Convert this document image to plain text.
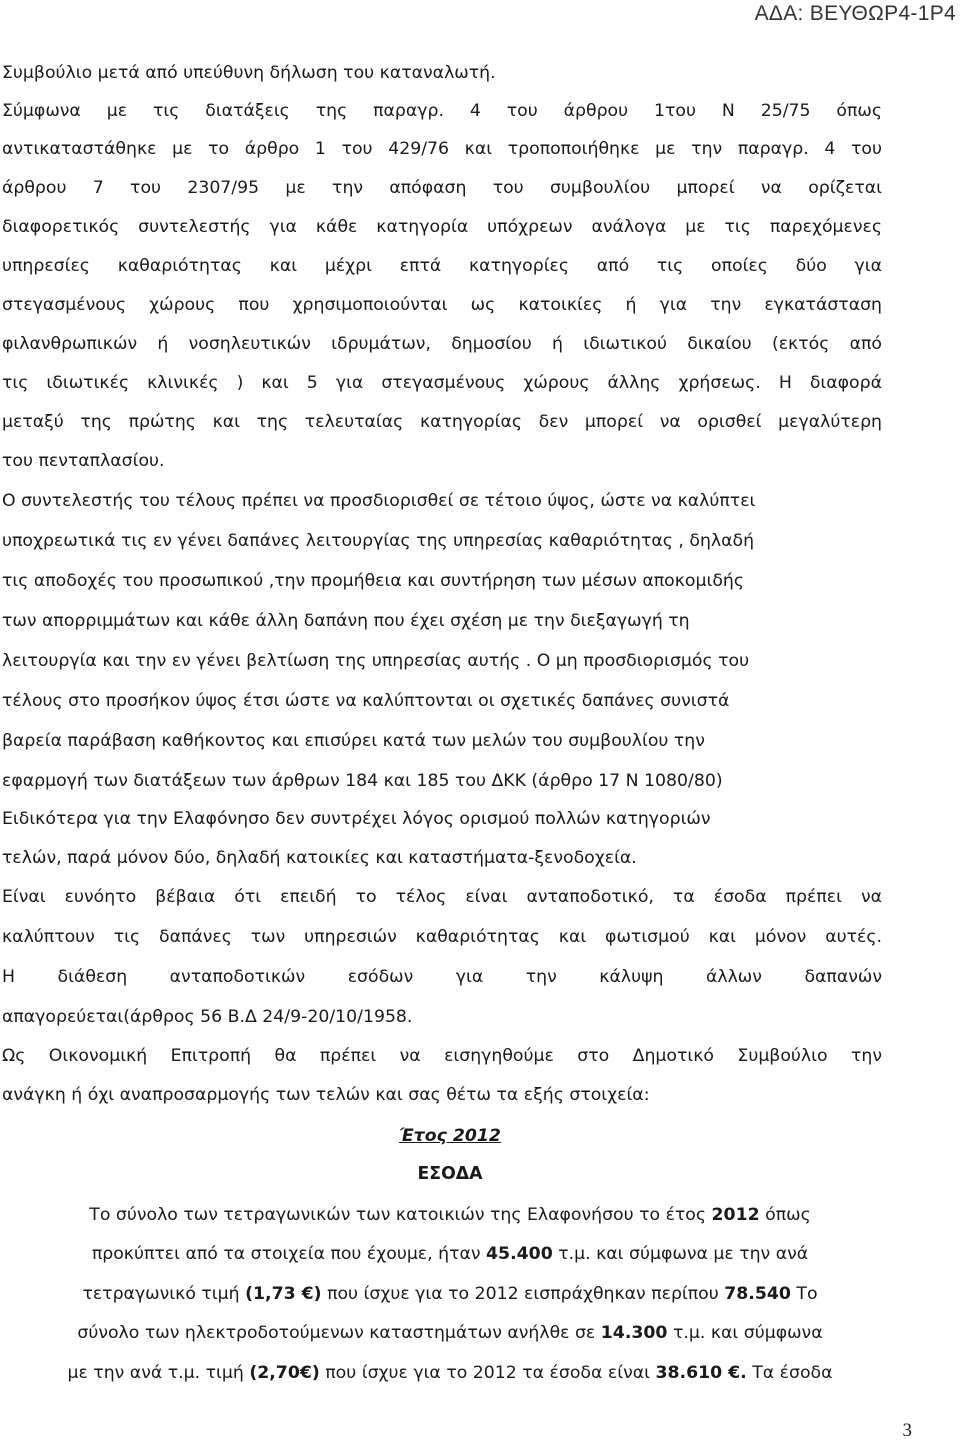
ΑΔΑ: ΒΕΥΘΩΡ4-1Ρ4
Συμβούλιο μετά από υπεύθυνη δήλωση του καταναλωτή.
Σύμφωνα με τις διατάξεις της παραγρ. 4 του άρθρου 1του Ν 25/75 όπως
αντικαταστάθηκε με το άρθρο 1 του 429/76 και τροποποιήθηκε με την παραγρ. 4 του
άρθρου 7 του 2307/95 με την απόφαση του συμβουλίου μπορεί να ορίζεται
διαφορετικός συντελεστής για κάθε κατηγορία υπόχρεων ανάλογα με τις παρεχόμενες
υπηρεσίες καθαριότητας και μέχρι επτά κατηγορίες από τις οποίες δύο για
στεγασμένους χώρους που χρησιμοποιούνται ως κατοικίες ή για την εγκατάσταση
φιλανθρωπικών ή νοσηλευτικών ιδρυμάτων, δημοσίου ή ιδιωτικού δικαίου (εκτός από
τις ιδιωτικές κλινικές ) και 5 για στεγασμένους χώρους άλλης χρήσεως. Η διαφορά
μεταξύ της πρώτης και της τελευταίας κατηγορίας δεν μπορεί να ορισθεί μεγαλύτερη
του πενταπλασίου.
Ο συντελεστής του τέλους πρέπει να προσδιορισθεί σε τέτοιο ύψος, ώστε να καλύπτει
υποχρεωτικά τις εν γένει δαπάνες λειτουργίας της υπηρεσίας καθαριότητας , δηλαδή
τις αποδοχές του προσωπικού ,την προμήθεια και συντήρηση των μέσων αποκομιδής
των απορριμμάτων και κάθε άλλη δαπάνη που έχει σχέση με την διεξαγωγή τη
λειτουργία και την εν γένει βελτίωση της υπηρεσίας αυτής . Ο μη προσδιορισμός του
τέλους στο προσήκον ύψος έτσι ώστε να καλύπτονται οι σχετικές δαπάνες συνιστά
βαρεία παράβαση καθήκοντος και επισύρει κατά των μελών του συμβουλίου την
εφαρμογή των διατάξεων των άρθρων 184 και 185 του ΔΚΚ (άρθρο 17 Ν 1080/80)
Ειδικότερα για την Ελαφόνησο δεν συντρέχει λόγος ορισμού πολλών κατηγοριών
τελών, παρά μόνον δύο, δηλαδή κατοικίες και καταστήματα-ξενοδοχεία.
Είναι ευνόητο βέβαια ότι επειδή το τέλος είναι ανταποδοτικό, τα έσοδα πρέπει να
καλύπτουν τις δαπάνες των υπηρεσιών καθαριότητας και φωτισμού και μόνον αυτές.
Η διάθεση ανταποδοτικών εσόδων για την κάλυψη άλλων δαπανών
απαγορεύεται(άρθρος 56 Β.Δ 24/9-20/10/1958.
Ως Οικονομική Επιτροπή θα πρέπει να εισηγηθούμε στο Δημοτικό Συμβούλιο την
ανάγκη ή όχι αναπροσαρμογής των τελών και σας θέτω τα εξής στοιχεία:
Έτος 2012
ΕΣΟΔΑ
Το σύνολο των τετραγωνικών των κατοικιών της Ελαφονήσου το έτος 2012 όπως
προκύπτει από τα στοιχεία που έχουμε, ήταν 45.400 τ.μ. και σύμφωνα με την ανά
τετραγωνικό τιμή (1,73 €) που ίσχυε για το 2012 εισπράχθηκαν περίπου 78.540 Το
σύνολο των ηλεκτροδοτούμενων καταστημάτων ανήλθε σε 14.300 τ.μ. και σύμφωνα
με την ανά τ.μ. τιμή (2,70€) που ίσχυε για το 2012 τα έσοδα είναι 38.610 €. Τα έσοδα
3
